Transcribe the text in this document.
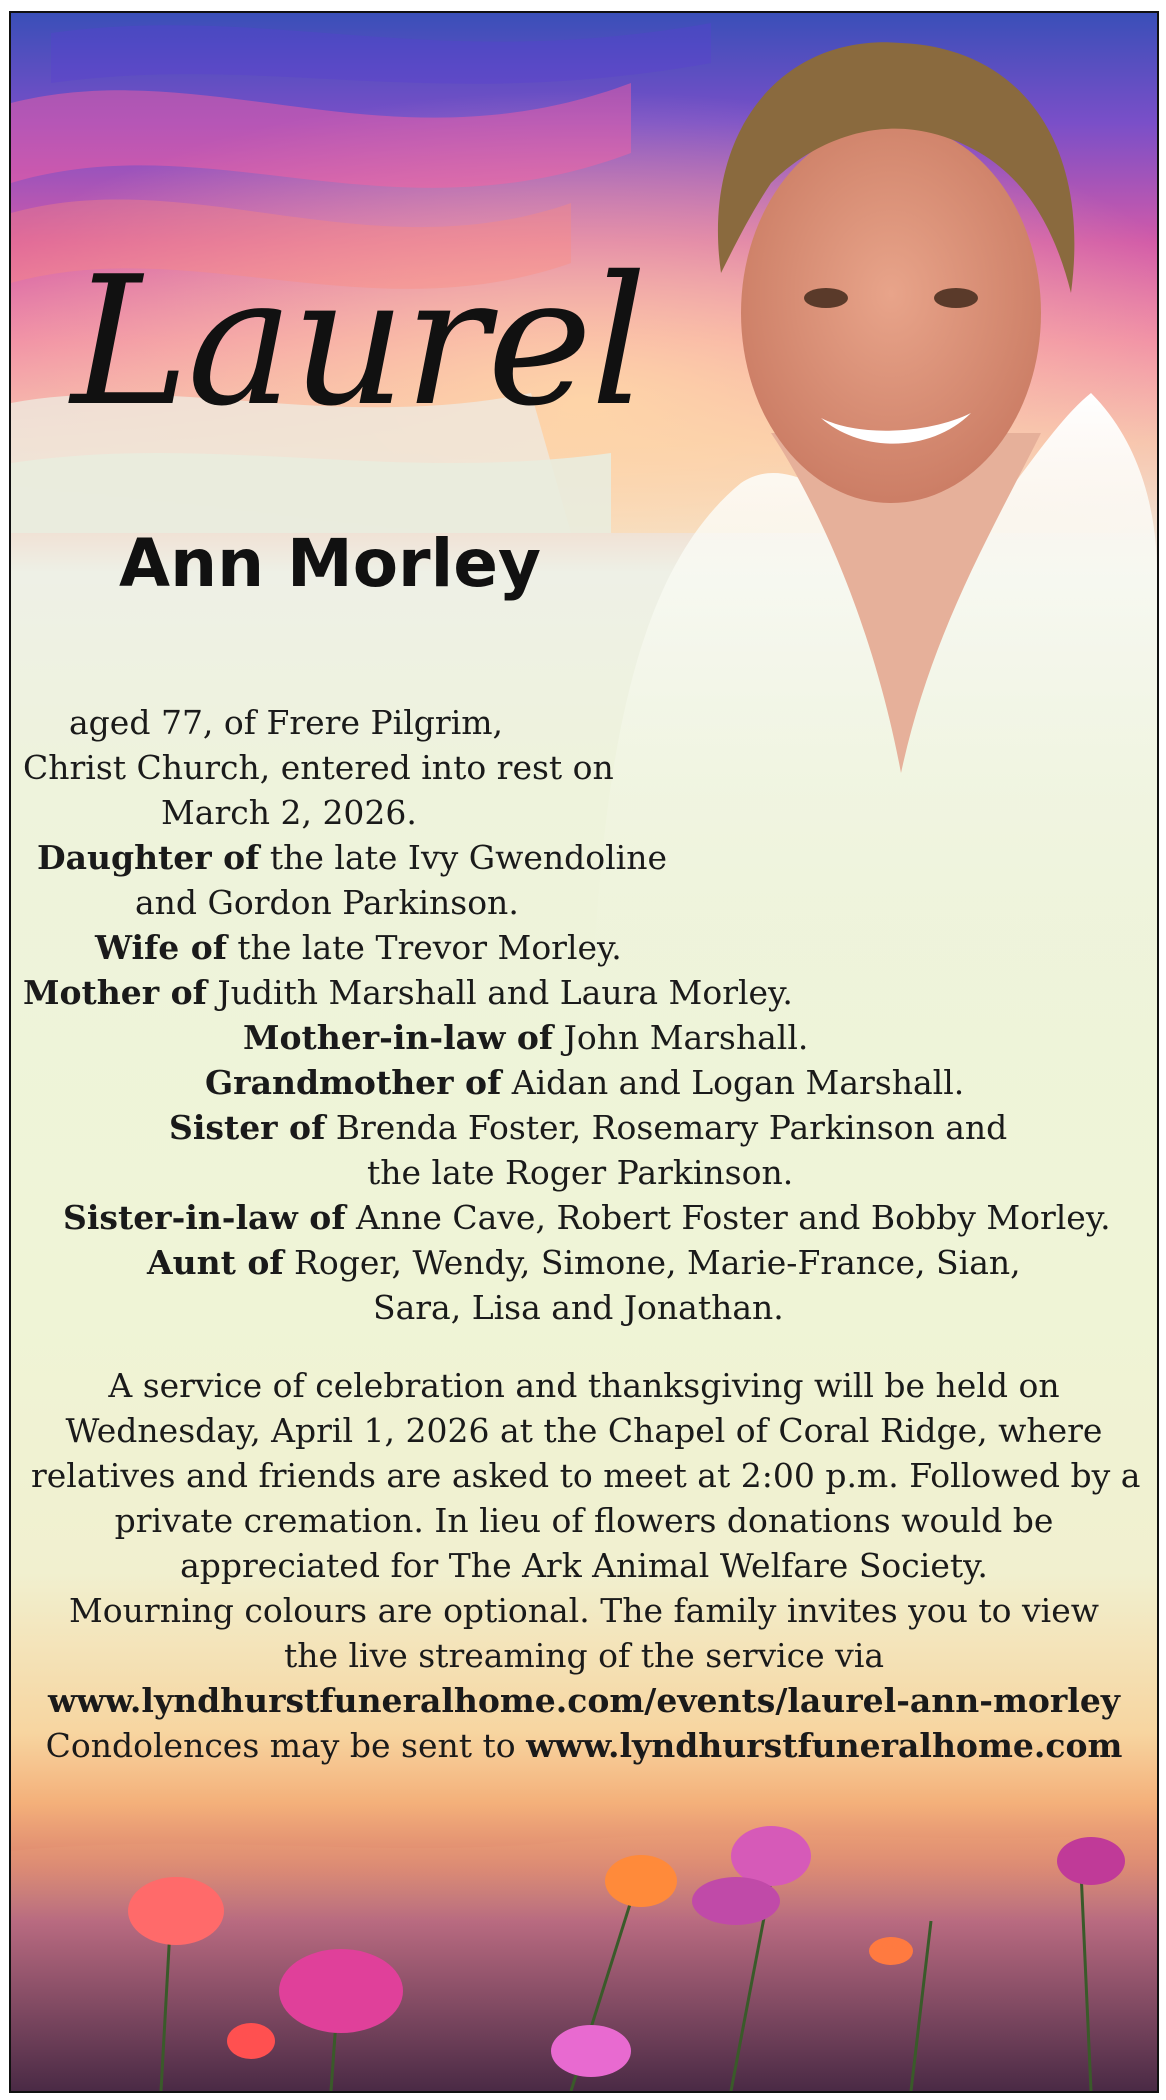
Laurel
Ann Morley
aged 77, of Frere Pilgrim,
Christ Church, entered into rest on
March 2, 2026.
Daughter of the late Ivy Gwendoline
and Gordon Parkinson.
Wife of the late Trevor Morley.
Mother of Judith Marshall and Laura Morley.
Mother-in-law of John Marshall.
Grandmother of Aidan and Logan Marshall.
Sister of Brenda Foster, Rosemary Parkinson and
the late Roger Parkinson.
Sister-in-law of Anne Cave, Robert Foster and Bobby Morley.
Aunt of Roger, Wendy, Simone, Marie-France, Sian,
Sara, Lisa and Jonathan.
A service of celebration and thanksgiving will be held on
Wednesday, April 1, 2026 at the Chapel of Coral Ridge, where
relatives and friends are asked to meet at 2:00 p.m. Followed by a
private cremation. In lieu of flowers donations would be
appreciated for The Ark Animal Welfare Society.
Mourning colours are optional. The family invites you to view
the live streaming of the service via
www.lyndhurstfuneralhome.com/events/laurel-ann-morley
Condolences may be sent to www.lyndhurstfuneralhome.com
